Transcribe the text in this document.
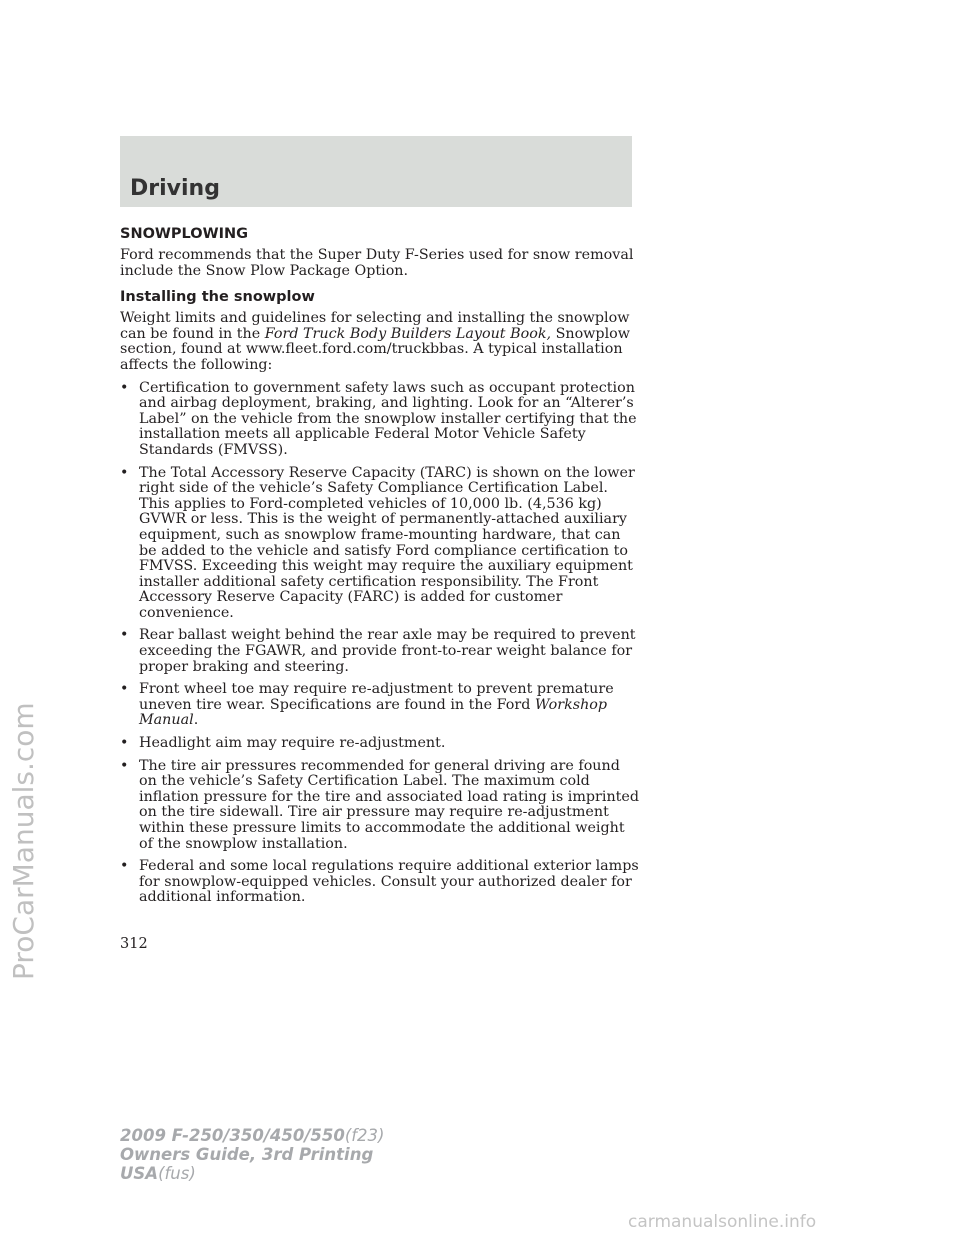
Driving
ProCarManuals.com
SNOWPLOWING

Ford recommends that the Super Duty F-Series used for snow removal include the Snow Plow Package Option.

Installing the snowplow

Weight limits and guidelines for selecting and installing the snowplow can be found in the Ford Truck Body Builders Layout Book, Snowplow section, found at www.fleet.ford.com/truckbbas. A typical installation affects the following:

• Certification to government safety laws such as occupant protection and airbag deployment, braking, and lighting. Look for an “Alterer’s Label” on the vehicle from the snowplow installer certifying that the installation meets all applicable Federal Motor Vehicle Safety Standards (FMVSS).
• The Total Accessory Reserve Capacity (TARC) is shown on the lower right side of the vehicle’s Safety Compliance Certification Label. This applies to Ford-completed vehicles of 10,000 lb. (4,536 kg) GVWR or less. This is the weight of permanently-attached auxiliary equipment, such as snowplow frame-mounting hardware, that can be added to the vehicle and satisfy Ford compliance certification to FMVSS. Exceeding this weight may require the auxiliary equipment installer additional safety certification responsibility. The Front Accessory Reserve Capacity (FARC) is added for customer convenience.
• Rear ballast weight behind the rear axle may be required to prevent exceeding the FGAWR, and provide front-to-rear weight balance for proper braking and steering.
• Front wheel toe may require re-adjustment to prevent premature uneven tire wear. Specifications are found in the Ford Workshop Manual.
• Headlight aim may require re-adjustment.
• The tire air pressures recommended for general driving are found on the vehicle’s Safety Certification Label. The maximum cold inflation pressure for the tire and associated load rating is imprinted on the tire sidewall. Tire air pressure may require re-adjustment within these pressure limits to accommodate the additional weight of the snowplow installation.
• Federal and some local regulations require additional exterior lamps for snowplow-equipped vehicles. Consult your authorized dealer for additional information.
312
2009 F-250/350/450/550(f23)
Owners Guide, 3rd Printing
USA(fus)
carmanualsonline.info
